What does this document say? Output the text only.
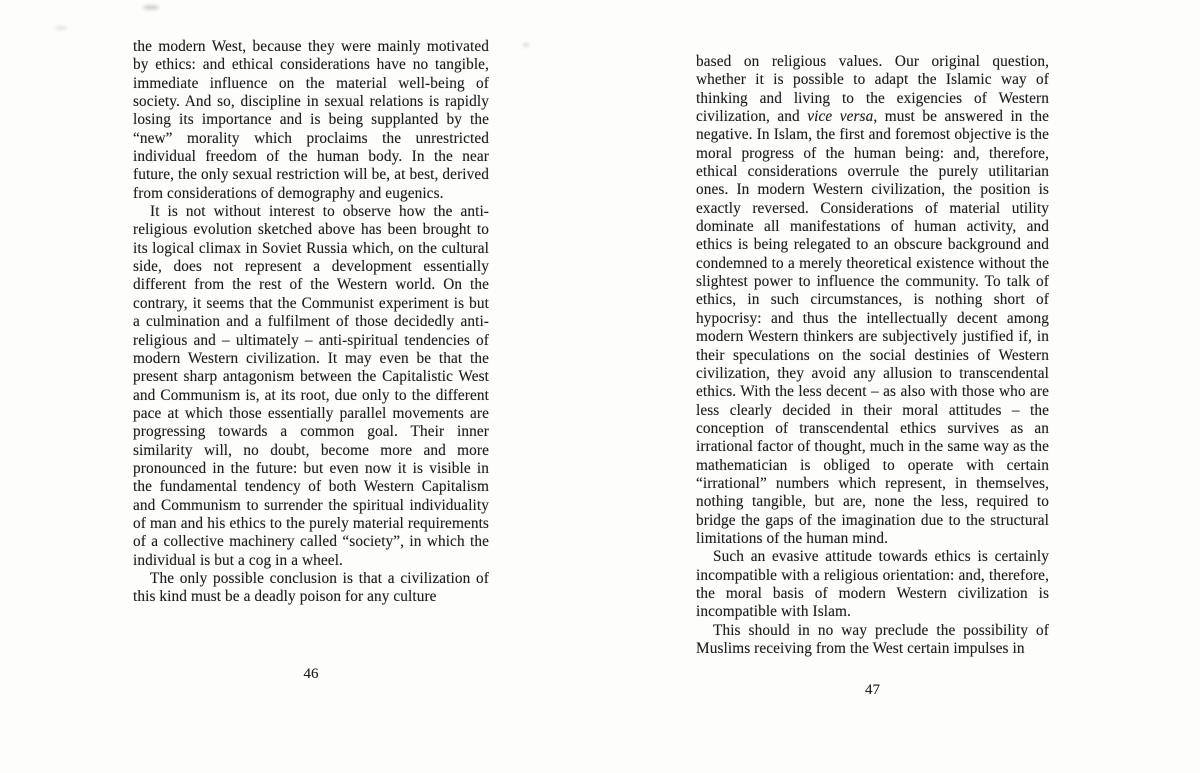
the modern West, because they were mainly motivated by ethics: and ethical considerations have no tangible, immediate influence on the material well-being of society. And so, discipline in sexual relations is rapidly losing its importance and is being supplanted by the “new” morality which proclaims the unrestricted individual freedom of the human body. In the near future, the only sexual restriction will be, at best, derived from considerations of demography and eugenics.

It is not without interest to observe how the anti-religious evolution sketched above has been brought to its logical climax in Soviet Russia which, on the cultural side, does not represent a development essentially different from the rest of the Western world. On the contrary, it seems that the Communist experiment is but a culmination and a fulfilment of those decidedly anti-religious and – ultimately – anti-spiritual tendencies of modern Western civilization. It may even be that the present sharp antagonism between the Capitalistic West and Communism is, at its root, due only to the different pace at which those essentially parallel movements are progressing towards a common goal. Their inner similarity will, no doubt, become more and more pronounced in the future: but even now it is visible in the fundamental tendency of both Western Capitalism and Communism to surrender the spiritual individuality of man and his ethics to the purely material requirements of a collective machinery called “society”, in which the individual is but a cog in a wheel.

The only possible conclusion is that a civilization of this kind must be a deadly poison for any culture

based on religious values. Our original question, whether it is possible to adapt the Islamic way of thinking and living to the exigencies of Western civilization, and vice versa, must be answered in the negative. In Islam, the first and foremost objective is the moral progress of the human being: and, therefore, ethical considerations overrule the purely utilitarian ones. In modern Western civilization, the position is exactly reversed. Considerations of material utility dominate all manifestations of human activity, and ethics is being relegated to an obscure background and condemned to a merely theoretical existence without the slightest power to influence the community. To talk of ethics, in such circumstances, is nothing short of hypocrisy: and thus the intellectually decent among modern Western thinkers are subjectively justified if, in their speculations on the social destinies of Western civilization, they avoid any allusion to transcendental ethics. With the less decent – as also with those who are less clearly decided in their moral attitudes – the conception of transcendental ethics survives as an irrational factor of thought, much in the same way as the mathematician is obliged to operate with certain “irrational” numbers which represent, in themselves, nothing tangible, but are, none the less, required to bridge the gaps of the imagination due to the structural limitations of the human mind.

Such an evasive attitude towards ethics is certainly incompatible with a religious orientation: and, therefore, the moral basis of modern Western civilization is incompatible with Islam.

This should in no way preclude the possibility of Muslims receiving from the West certain impulses in

46
47
